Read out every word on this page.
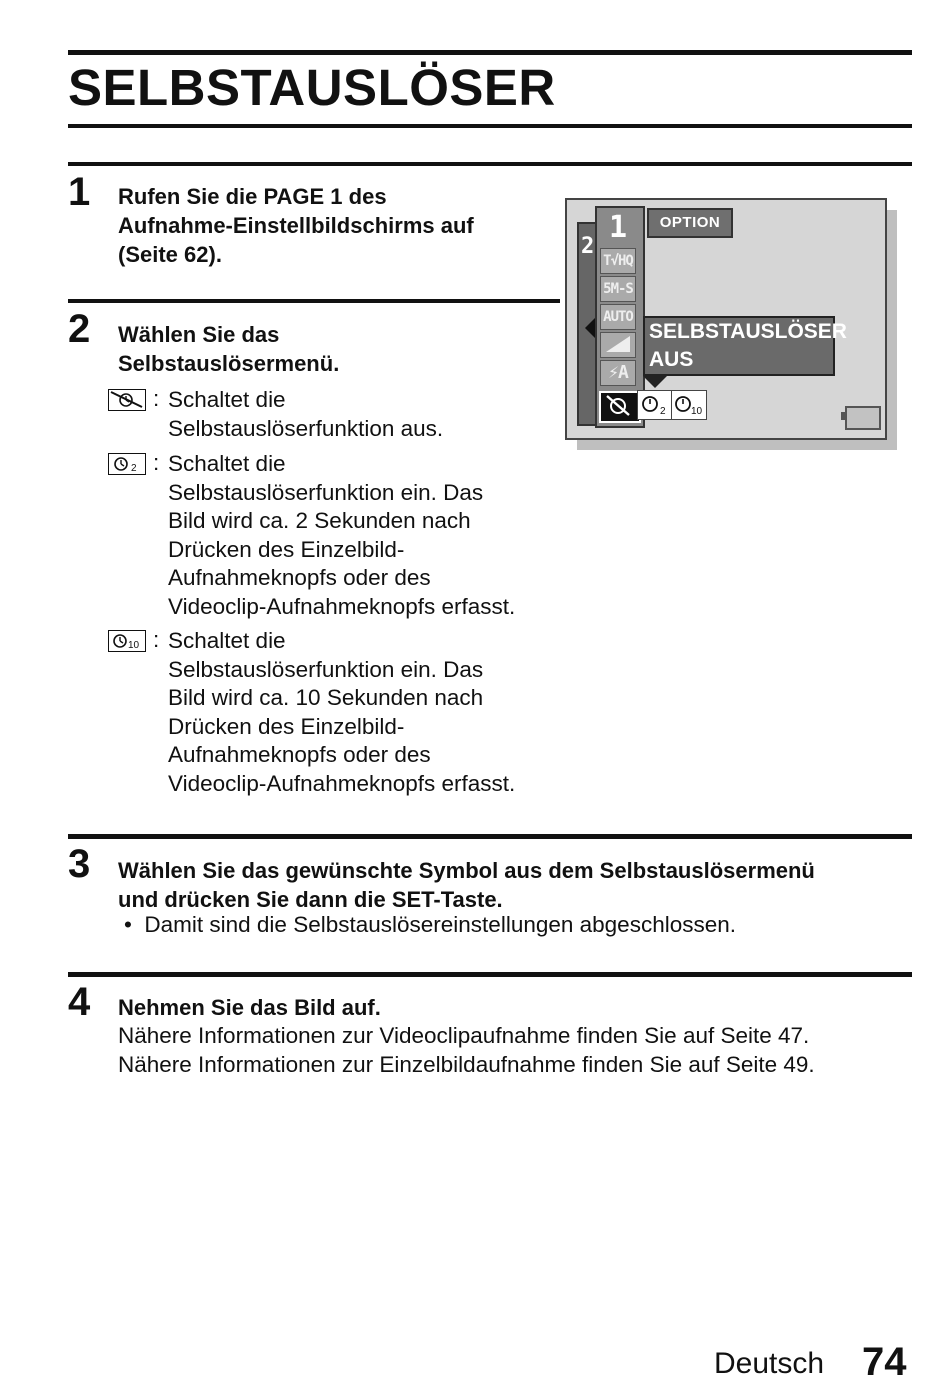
SELBSTAUSLÖSER
1 Rufen Sie die PAGE 1 des
Aufnahme-Einstellbildschirms auf
(Seite 62).
2 Wählen Sie das
Selbstauslösermenü.
: Schaltet die
Selbstauslöserfunktion aus.
2 : Schaltet die
Selbstauslöserfunktion ein. Das
Bild wird ca. 2 Sekunden nach
Drücken des Einzelbild-
Aufnahmeknopfs oder des
Videoclip-Aufnahmeknopfs erfasst.
10 : Schaltet die
Selbstauslöserfunktion ein. Das
Bild wird ca. 10 Sekunden nach
Drücken des Einzelbild-
Aufnahmeknopfs oder des
Videoclip-Aufnahmeknopfs erfasst.
2
1
T√HQ
5M-S
AUTO
⚡A
2	10
OPTION
SELBSTAUSLÖSER
AUS
3 Wählen Sie das gewünschte Symbol aus dem Selbstauslösermenü
und drücken Sie dann die SET-Taste.
•  Damit sind die Selbstauslösereinstellungen abgeschlossen.
4 Nehmen Sie das Bild auf.
Nähere Informationen zur Videoclipaufnahme finden Sie auf Seite 47.
Nähere Informationen zur Einzelbildaufnahme finden Sie auf Seite 49.
Deutsch 74
